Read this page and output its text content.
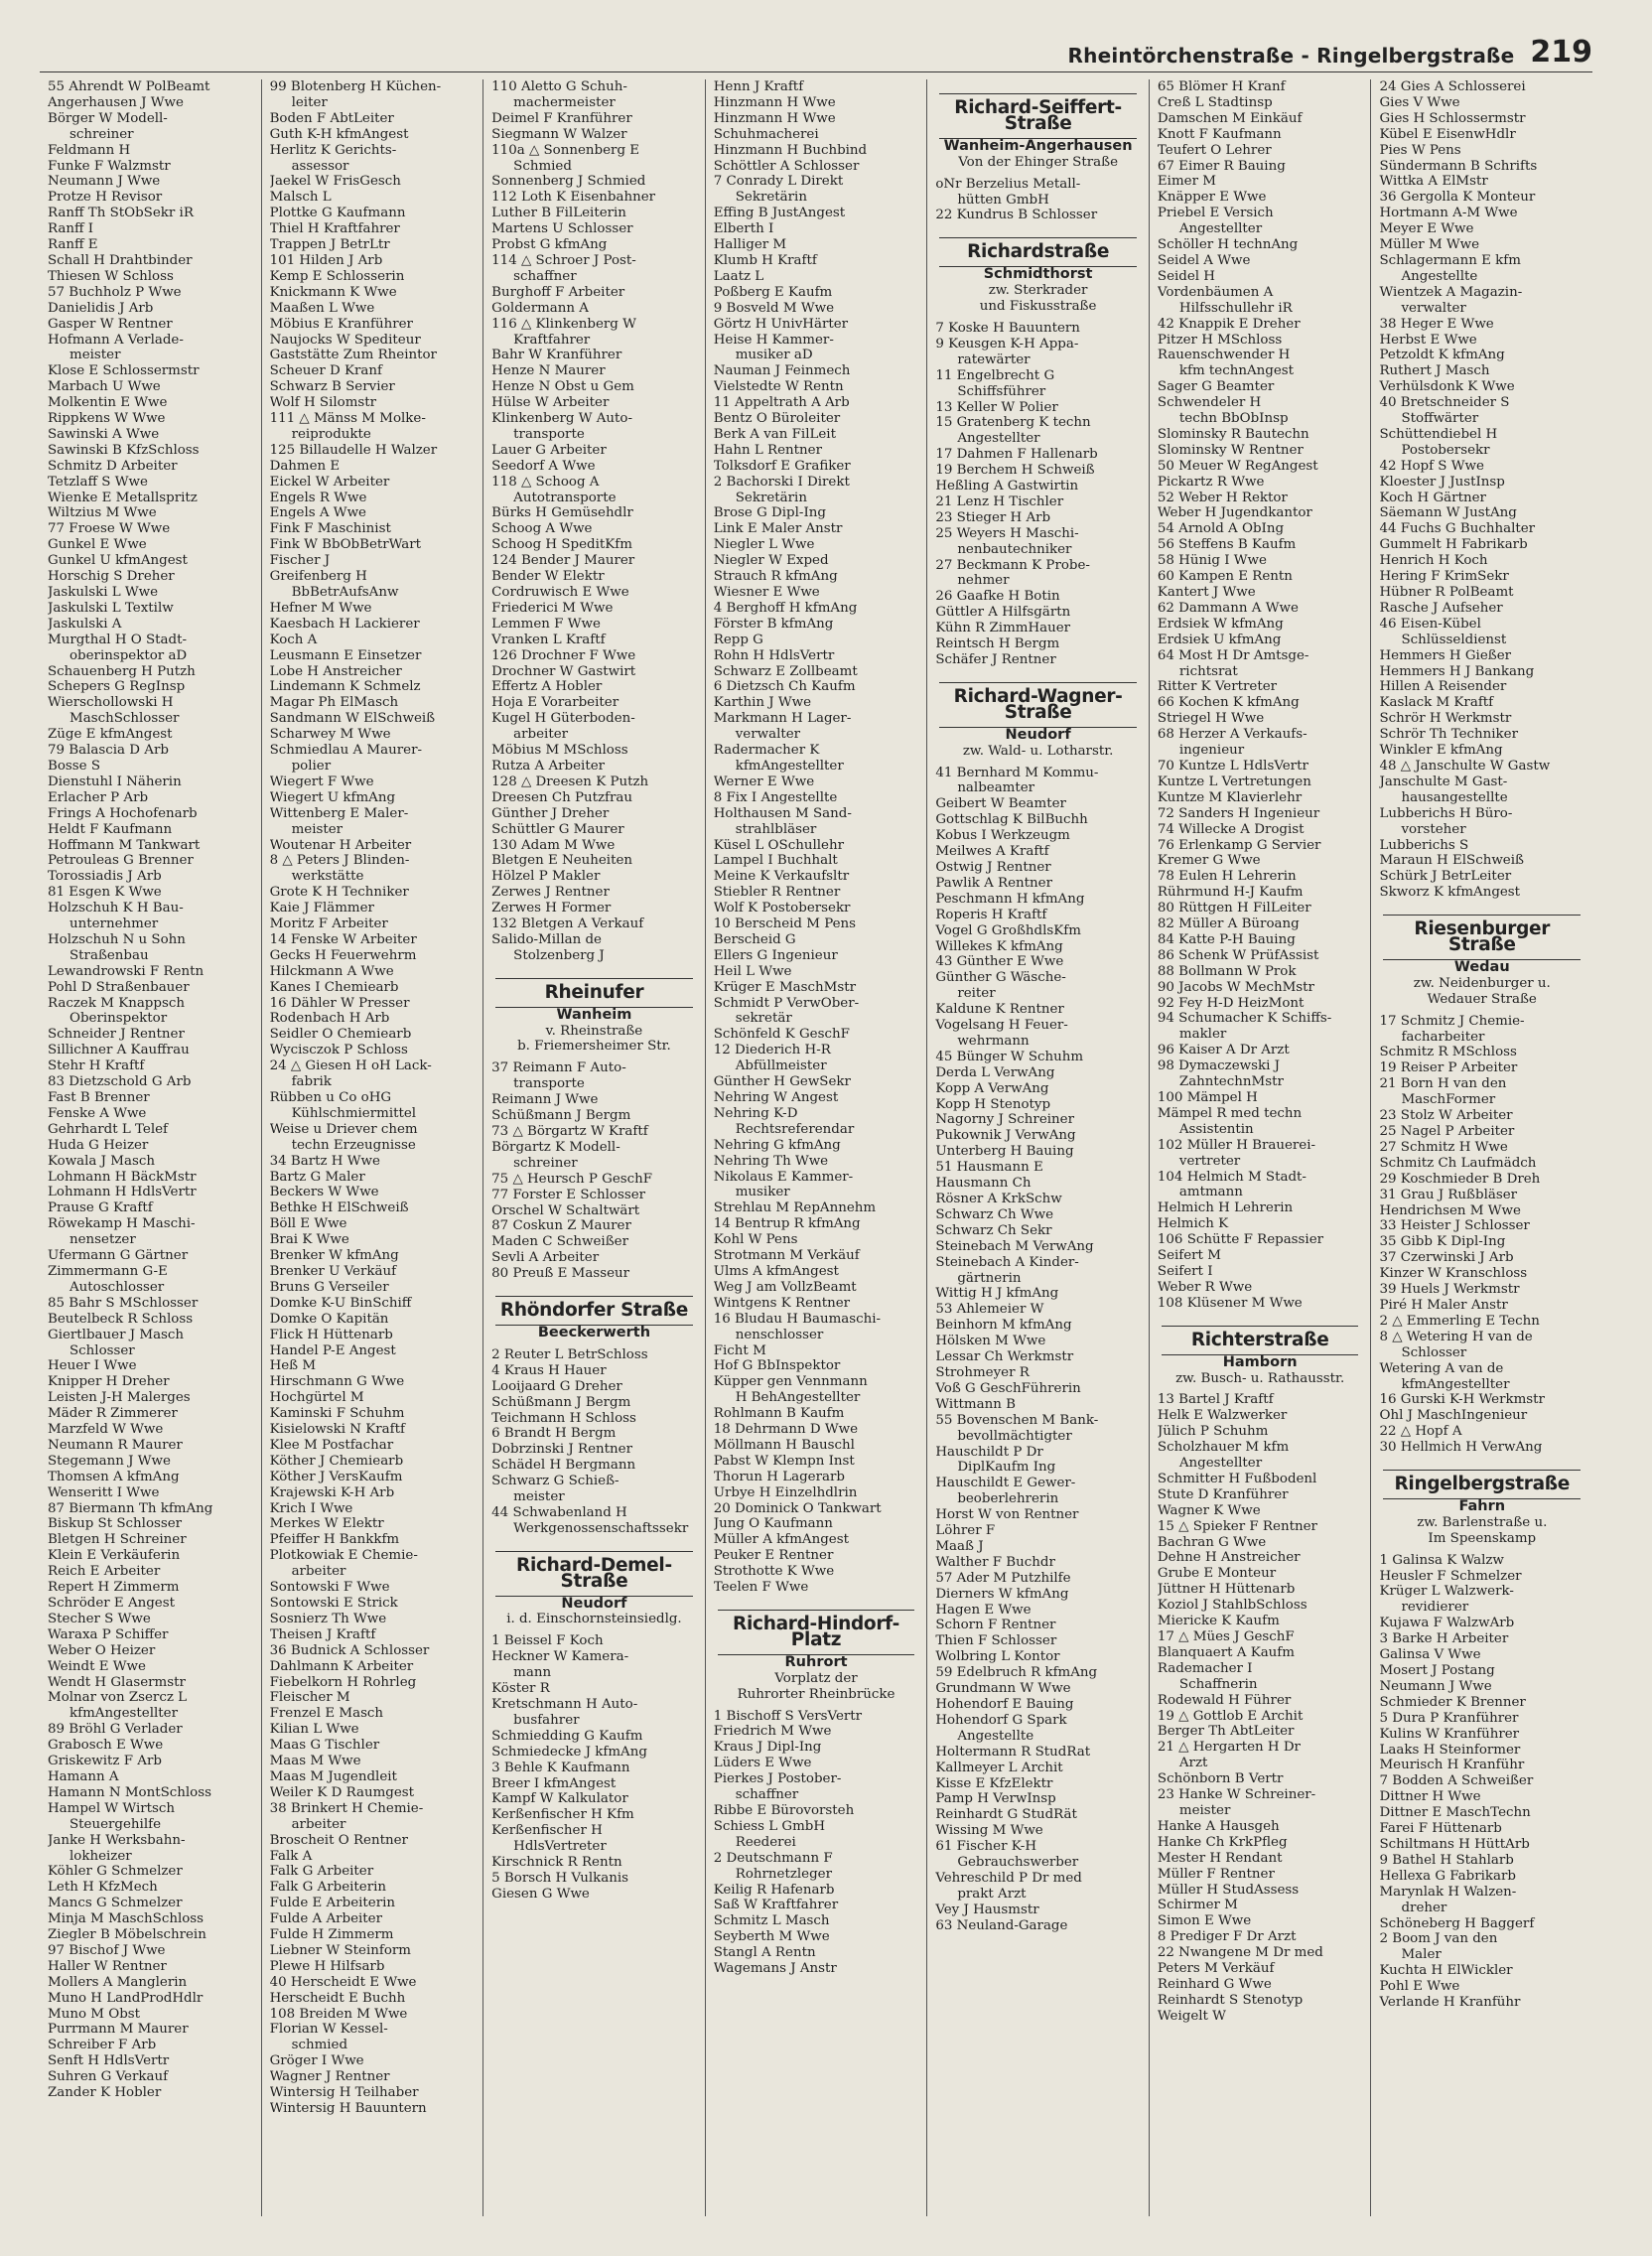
Rheintörchenstraße - Ringelbergstraße 219
55 Ahrendt W PolBeamt
Angerhausen J Wwe
Börger W Modell-
schreiner
Feldmann H
Funke F Walzmstr
Neumann J Wwe
Protze H Revisor
Ranff Th StObSekr iR
Ranff I
Ranff E
Schall H Drahtbinder
Thiesen W Schloss
57 Buchholz P Wwe
Danielidis J Arb
Gasper W Rentner
Hofmann A Verlade-
meister
Klose E Schlossermstr
Marbach U Wwe
Molkentin E Wwe
Rippkens W Wwe
Sawinski A Wwe
Sawinski B KfzSchloss
Schmitz D Arbeiter
Tetzlaff S Wwe
Wienke E Metallspritz
Wiltzius M Wwe
77 Froese W Wwe
Gunkel E Wwe
Gunkel U kfmAngest
Horschig S Dreher
Jaskulski L Wwe
Jaskulski L Textilw
Jaskulski A
Murgthal H O Stadt-
oberinspektor aD
Schauenberg H Putzh
Schepers G RegInsp
Wierschollowski H
MaschSchlosser
Züge E kfmAngest
79 Balascia D Arb
Bosse S
Dienstuhl I Näherin
Erlacher P Arb
Frings A Hochofenarb
Heldt F Kaufmann
Hoffmann M Tankwart
Petrouleas G Brenner
Torossiadis J Arb
81 Esgen K Wwe
Holzschuh K H Bau-
unternehmer
Holzschuh N u Sohn
Straßenbau
Lewandrowski F Rentn
Pohl D Straßenbauer
Raczek M Knappsch
Oberinspektor
Schneider J Rentner
Sillichner A Kauffrau
Stehr H Kraftf
83 Dietzschold G Arb
Fast B Brenner
Fenske A Wwe
Gehrhardt L Telef
Huda G Heizer
Kowala J Masch
Lohmann H BäckMstr
Lohmann H HdlsVertr
Prause G Kraftf
Röwekamp H Maschi-
nensetzer
Ufermann G Gärtner
Zimmermann G-E
Autoschlosser
85 Bahr S MSchlosser
Beutelbeck R Schloss
Giertlbauer J Masch
Schlosser
Heuer I Wwe
Knipper H Dreher
Leisten J-H Malerges
Mäder R Zimmerer
Marzfeld W Wwe
Neumann R Maurer
Stegemann J Wwe
Thomsen A kfmAng
Wenseritt I Wwe
87 Biermann Th kfmAng
Biskup St Schlosser
Bletgen H Schreiner
Klein E Verkäuferin
Reich E Arbeiter
Repert H Zimmerm
Schröder E Angest
Stecher S Wwe
Waraxa P Schiffer
Weber O Heizer
Weindt E Wwe
Wendt H Glasermstr
Molnar von Zsercz L
kfmAngestellter
89 Bröhl G Verlader
Grabosch E Wwe
Griskewitz F Arb
Hamann A
Hamann N MontSchloss
Hampel W Wirtsch
Steuergehilfe
Janke H Werksbahn-
lokheizer
Köhler G Schmelzer
Leth H KfzMech
Mancs G Schmelzer
Minja M MaschSchloss
Ziegler B Möbelschrein
97 Bischof J Wwe
Haller W Rentner
Mollers A Manglerin
Muno H LandProdHdlr
Muno M Obst
Purrmann M Maurer
Schreiber F Arb
Senft H HdlsVertr
Suhren G Verkauf
Zander K Hobler
99 Blotenberg H Küchen-
leiter
Boden F AbtLeiter
Guth K-H kfmAngest
Herlitz K Gerichts-
assessor
Jaekel W FrisGesch
Malsch L
Plottke G Kaufmann
Thiel H Kraftfahrer
Trappen J BetrLtr
101 Hilden J Arb
Kemp E Schlosserin
Knickmann K Wwe
Maaßen L Wwe
Möbius E Kranführer
Naujocks W Spediteur
Gaststätte Zum Rheintor
Scheuer D Kranf
Schwarz B Servier
Wolf H Silomstr
111 △ Mänss M Molke-
reiprodukte
125 Billaudelle H Walzer
Dahmen E
Eickel W Arbeiter
Engels R Wwe
Engels A Wwe
Fink F Maschinist
Fink W BbObBetrWart
Fischer J
Greifenberg H
BbBetrAufsAnw
Hefner M Wwe
Kaesbach H Lackierer
Koch A
Leusmann E Einsetzer
Lobe H Anstreicher
Lindemann K Schmelz
Magar Ph ElMasch
Sandmann W ElSchweiß
Scharwey M Wwe
Schmiedlau A Maurer-
polier
Wiegert F Wwe
Wiegert U kfmAng
Wittenberg E Maler-
meister
Woutenar H Arbeiter
8 △ Peters J Blinden-
werkstätte
Grote K H Techniker
Kaie J Flämmer
Moritz F Arbeiter
14 Fenske W Arbeiter
Gecks H Feuerwehrm
Hilckmann A Wwe
Kanes I Chemiearb
16 Dähler W Presser
Rodenbach H Arb
Seidler O Chemiearb
Wycisczok P Schloss
24 △ Giesen H oH Lack-
fabrik
Rübben u Co oHG
Kühlschmiermittel
Weise u Driever chem
techn Erzeugnisse
34 Bartz H Wwe
Bartz G Maler
Beckers W Wwe
Bethke H ElSchweiß
Böll E Wwe
Brai K Wwe
Brenker W kfmAng
Brenker U Verkäuf
Bruns G Verseiler
Domke K-U BinSchiff
Domke O Kapitän
Flick H Hüttenarb
Handel P-E Angest
Heß M
Hirschmann G Wwe
Hochgürtel M
Kaminski F Schuhm
Kisielowski N Kraftf
Klee M Postfachar
Köther J Chemiearb
Köther J VersKaufm
Krajewski K-H Arb
Krich I Wwe
Merkes W Elektr
Pfeiffer H Bankkfm
Plotkowiak E Chemie-
arbeiter
Sontowski F Wwe
Sontowski E Strick
Sosnierz Th Wwe
Theisen J Kraftf
36 Budnick A Schlosser
Dahlmann K Arbeiter
Fiebelkorn H Rohrleg
Fleischer M
Frenzel E Masch
Kilian L Wwe
Maas G Tischler
Maas M Wwe
Maas M Jugendleit
Weiler K D Raumgest
38 Brinkert H Chemie-
arbeiter
Broscheit O Rentner
Falk A
Falk G Arbeiter
Falk G Arbeiterin
Fulde E Arbeiterin
Fulde A Arbeiter
Fulde H Zimmerm
Liebner W Steinform
Plewe H Hilfsarb
40 Herscheidt E Wwe
Herscheidt E Buchh
108 Breiden M Wwe
Florian W Kessel-
schmied
Gröger I Wwe
Wagner J Rentner
Wintersig H Teilhaber
Wintersig H Bauuntern
110 Aletto G Schuh-
machermeister
Deimel F Kranführer
Siegmann W Walzer
110a △ Sonnenberg E
Schmied
Sonnenberg J Schmied
112 Loth K Eisenbahner
Luther B FilLeiterin
Martens U Schlosser
Probst G kfmAng
114 △ Schroer J Post-
schaffner
Burghoff F Arbeiter
Goldermann A
116 △ Klinkenberg W
Kraftfahrer
Bahr W Kranführer
Henze N Maurer
Henze N Obst u Gem
Hülse W Arbeiter
Klinkenberg W Auto-
transporte
Lauer G Arbeiter
Seedorf A Wwe
118 △ Schoog A
Autotransporte
Bürks H Gemüsehdlr
Schoog A Wwe
Schoog H SpeditKfm
124 Bender J Maurer
Bender W Elektr
Cordruwisch E Wwe
Friederici M Wwe
Lemmen F Wwe
Vranken L Kraftf
126 Drochner F Wwe
Drochner W Gastwirt
Effertz A Hobler
Hoja E Vorarbeiter
Kugel H Güterboden-
arbeiter
Möbius M MSchloss
Rutza A Arbeiter
128 △ Dreesen K Putzh
Dreesen Ch Putzfrau
Günther J Dreher
Schüttler G Maurer
130 Adam M Wwe
Bletgen E Neuheiten
Hölzel P Makler
Zerwes J Rentner
Zerwes H Former
132 Bletgen A Verkauf
Salido-Millan de
Stolzenberg J
Rheinufer
Wanheim
v. Rheinstraße
b. Friemersheimer Str.
37 Reimann F Auto-
transporte
Reimann J Wwe
Schüßmann J Bergm
73 △ Börgartz W Kraftf
Börgartz K Modell-
schreiner
75 △ Heursch P GeschF
77 Forster E Schlosser
Orschel W Schaltwärt
87 Coskun Z Maurer
Maden C Schweißer
Sevli A Arbeiter
80 Preuß E Masseur
Rhöndorfer Straße
Beeckerwerth
2 Reuter L BetrSchloss
4 Kraus H Hauer
Looijaard G Dreher
Schüßmann J Bergm
Teichmann H Schloss
6 Brandt H Bergm
Dobrzinski J Rentner
Schädel H Bergmann
Schwarz G Schieß-
meister
44 Schwabenland H
Werkgenossenschaftssekr
Richard-Demel-Straße
Neudorf
i. d. Einschornsteinsiedlg.
1 Beissel F Koch
Heckner W Kamera-
mann
Köster R
Kretschmann H Auto-
busfahrer
Schmiedding G Kaufm
Schmiedecke J kfmAng
3 Behle K Kaufmann
Breer I kfmAngest
Kampf W Kalkulator
Kerßenfischer H Kfm
Kerßenfischer H
HdlsVertreter
Kirschnick R Rentn
5 Borsch H Vulkanis
Giesen G Wwe
Henn J Kraftf
Hinzmann H Wwe
Hinzmann H Wwe
Schuhmacherei
Hinzmann H Buchbind
Schöttler A Schlosser
7 Conrady L Direkt
Sekretärin
Effing B JustAngest
Elberth I
Halliger M
Klumb H Kraftf
Laatz L
Poßberg E Kaufm
9 Bosveld M Wwe
Görtz H UnivHärter
Heise H Kammer-
musiker aD
Nauman J Feinmech
Vielstedte W Rentn
11 Appeltrath A Arb
Bentz O Büroleiter
Berk A van FilLeit
Hahn L Rentner
Tolksdorf E Grafiker
2 Bachorski I Direkt
Sekretärin
Brose G Dipl-Ing
Link E Maler Anstr
Niegler L Wwe
Niegler W Exped
Strauch R kfmAng
Wiesner E Wwe
4 Berghoff H kfmAng
Förster B kfmAng
Repp G
Rohn H HdlsVertr
Schwarz E Zollbeamt
6 Dietzsch Ch Kaufm
Karthin J Wwe
Markmann H Lager-
verwalter
Radermacher K
kfmAngestellter
Werner E Wwe
8 Fix I Angestellte
Holthausen M Sand-
strahlbläser
Küsel L OSchullehr
Lampel I Buchhalt
Meine K Verkaufsltr
Stiebler R Rentner
Wolf K Postobersekr
10 Berscheid M Pens
Berscheid G
Ellers G Ingenieur
Heil L Wwe
Krüger E MaschMstr
Schmidt P VerwOber-
sekretär
Schönfeld K GeschF
12 Diederich H-R
Abfüllmeister
Günther H GewSekr
Nehring W Angest
Nehring K-D
Rechtsreferendar
Nehring G kfmAng
Nehring Th Wwe
Nikolaus E Kammer-
musiker
Strehlau M RepAnnehm
14 Bentrup R kfmAng
Kohl W Pens
Strotmann M Verkäuf
Ulms A kfmAngest
Weg J am VollzBeamt
Wintgens K Rentner
16 Bludau H Baumaschi-
nenschlosser
Ficht M
Hof G BbInspektor
Küpper gen Vennmann
H BehAngestellter
Rohlmann B Kaufm
18 Dehrmann D Wwe
Möllmann H Bauschl
Pabst W Klempn Inst
Thorun H Lagerarb
Urbye H Einzelhdlrin
20 Dominick O Tankwart
Jung O Kaufmann
Müller A kfmAngest
Peuker E Rentner
Strothotte K Wwe
Teelen F Wwe
Richard-Hindorf-Platz
Ruhrort
Vorplatz der
Ruhrorter Rheinbrücke
1 Bischoff S VersVertr
Friedrich M Wwe
Kraus J Dipl-Ing
Lüders E Wwe
Pierkes J Postober-
schaffner
Ribbe E Bürovorsteh
Schiess L GmbH
Reederei
2 Deutschmann F
Rohrnetzleger
Keilig R Hafenarb
Saß W Kraftfahrer
Schmitz L Masch
Seyberth M Wwe
Stangl A Rentn
Wagemans J Anstr
Richard-Seiffert-Straße
Wanheim-Angerhausen
Von der Ehinger Straße
oNr Berzelius Metall-
hütten GmbH
22 Kundrus B Schlosser
Richardstraße
Schmidthorst
zw. Sterkrader
und Fiskusstraße
7 Koske H Bauuntern
9 Keusgen K-H Appa-
ratewärter
11 Engelbrecht G
Schiffsführer
13 Keller W Polier
15 Gratenberg K techn
Angestellter
17 Dahmen F Hallenarb
19 Berchem H Schweiß
Heßling A Gastwirtin
21 Lenz H Tischler
23 Stieger H Arb
25 Weyers H Maschi-
nenbautechniker
27 Beckmann K Probe-
nehmer
26 Gaafke H Botin
Güttler A Hilfsgärtn
Kühn R ZimmHauer
Reintsch H Bergm
Schäfer J Rentner
Richard-Wagner-Straße
Neudorf
zw. Wald- u. Lotharstr.
41 Bernhard M Kommu-
nalbeamter
Geibert W Beamter
Gottschlag K BilBuchh
Kobus I Werkzeugm
Meilwes A Kraftf
Ostwig J Rentner
Pawlik A Rentner
Peschmann H kfmAng
Roperis H Kraftf
Vogel G GroßhdlsKfm
Willekes K kfmAng
43 Günther E Wwe
Günther G Wäsche-
reiter
Kaldune K Rentner
Vogelsang H Feuer-
wehrmann
45 Bünger W Schuhm
Derda L VerwAng
Kopp A VerwAng
Kopp H Stenotyp
Nagorny J Schreiner
Pukownik J VerwAng
Unterberg H Bauing
51 Hausmann E
Hausmann Ch
Rösner A KrkSchw
Schwarz Ch Wwe
Schwarz Ch Sekr
Steinebach M VerwAng
Steinebach A Kinder-
gärtnerin
Wittig H J kfmAng
53 Ahlemeier W
Beinhorn M kfmAng
Hölsken M Wwe
Lessar Ch Werkmstr
Strohmeyer R
Voß G GeschFührerin
Wittmann B
55 Bovenschen M Bank-
bevollmächtigter
Hauschildt P Dr
DiplKaufm Ing
Hauschildt E Gewer-
beoberlehrerin
Horst W von Rentner
Löhrer F
Maaß J
Walther F Buchdr
57 Ader M Putzhilfe
Dierners W kfmAng
Hagen E Wwe
Schorn F Rentner
Thien F Schlosser
Wolbring L Kontor
59 Edelbruch R kfmAng
Grundmann W Wwe
Hohendorf E Bauing
Hohendorf G Spark
Angestellte
Holtermann R StudRat
Kallmeyer L Archit
Kisse E KfzElektr
Pamp H VerwInsp
Reinhardt G StudRät
Wissing M Wwe
61 Fischer K-H
Gebrauchswerber
Vehreschild P Dr med
prakt Arzt
Vey J Hausmstr
63 Neuland-Garage
65 Blömer H Kranf
Creß L Stadtinsp
Damschen M Einkäuf
Knott F Kaufmann
Teufert O Lehrer
67 Eimer R Bauing
Eimer M
Knäpper E Wwe
Priebel E Versich
Angestellter
Schöller H technAng
Seidel A Wwe
Seidel H
Vordenbäumen A
Hilfsschullehr iR
42 Knappik E Dreher
Pitzer H MSchloss
Rauenschwender H
kfm technAngest
Sager G Beamter
Schwendeler H
techn BbObInsp
Slominsky R Bautechn
Slominsky W Rentner
50 Meuer W RegAngest
Pickartz R Wwe
52 Weber H Rektor
Weber H Jugendkantor
54 Arnold A ObIng
56 Steffens B Kaufm
58 Hünig I Wwe
60 Kampen E Rentn
Kantert J Wwe
62 Dammann A Wwe
Erdsiek W kfmAng
Erdsiek U kfmAng
64 Most H Dr Amtsge-
richtsrat
Ritter K Vertreter
66 Kochen K kfmAng
Striegel H Wwe
68 Herzer A Verkaufs-
ingenieur
70 Kuntze L HdlsVertr
Kuntze L Vertretungen
Kuntze M Klavierlehr
72 Sanders H Ingenieur
74 Willecke A Drogist
76 Erlenkamp G Servier
Kremer G Wwe
78 Eulen H Lehrerin
Rührmund H-J Kaufm
80 Rüttgen H FilLeiter
82 Müller A Büroang
84 Katte P-H Bauing
86 Schenk W PrüfAssist
88 Bollmann W Prok
90 Jacobs W MechMstr
92 Fey H-D HeizMont
94 Schumacher K Schiffs-
makler
96 Kaiser A Dr Arzt
98 Dymaczewski J
ZahntechnMstr
100 Mämpel H
Mämpel R med techn
Assistentin
102 Müller H Brauerei-
vertreter
104 Helmich M Stadt-
amtmann
Helmich H Lehrerin
Helmich K
106 Schütte F Repassier
Seifert M
Seifert I
Weber R Wwe
108 Klüsener M Wwe
Richterstraße
Hamborn
zw. Busch- u. Rathausstr.
13 Bartel J Kraftf
Helk E Walzwerker
Jülich P Schuhm
Scholzhauer M kfm
Angestellter
Schmitter H Fußbodenl
Stute D Kranführer
Wagner K Wwe
15 △ Spieker F Rentner
Bachran G Wwe
Dehne H Anstreicher
Grube E Monteur
Jüttner H Hüttenarb
Koziol J StahlbSchloss
Miericke K Kaufm
17 △ Mües J GeschF
Blanquaert A Kaufm
Rademacher I
Schaffnerin
Rodewald H Führer
19 △ Gottlob E Archit
Berger Th AbtLeiter
21 △ Hergarten H Dr
Arzt
Schönborn B Vertr
23 Hanke W Schreiner-
meister
Hanke A Hausgeh
Hanke Ch KrkPfleg
Mester H Rendant
Müller F Rentner
Müller H StudAssess
Schirmer M
Simon E Wwe
8 Prediger F Dr Arzt
22 Nwangene M Dr med
Peters M Verkäuf
Reinhard G Wwe
Reinhardt S Stenotyp
Weigelt W
24 Gies A Schlosserei
Gies V Wwe
Gies H Schlossermstr
Kübel E EisenwHdlr
Pies W Pens
Sündermann B Schrifts
Wittka A ElMstr
36 Gergolla K Monteur
Hortmann A-M Wwe
Meyer E Wwe
Müller M Wwe
Schlagermann E kfm
Angestellte
Wientzek A Magazin-
verwalter
38 Heger E Wwe
Herbst E Wwe
Petzoldt K kfmAng
Ruthert J Masch
Verhülsdonk K Wwe
40 Bretschneider S
Stoffwärter
Schüttendiebel H
Postobersekr
42 Hopf S Wwe
Kloester J JustInsp
Koch H Gärtner
Säemann W JustAng
44 Fuchs G Buchhalter
Gummelt H Fabrikarb
Henrich H Koch
Hering F KrimSekr
Hübner R PolBeamt
Rasche J Aufseher
46 Eisen-Kübel
Schlüsseldienst
Hemmers H Gießer
Hemmers H J Bankang
Hillen A Reisender
Kaslack M Kraftf
Schrör H Werkmstr
Schrör Th Techniker
Winkler E kfmAng
48 △ Janschulte W Gastw
Janschulte M Gast-
hausangestellte
Lubberichs H Büro-
vorsteher
Lubberichs S
Maraun H ElSchweiß
Schürk J BetrLeiter
Skworz K kfmAngest
Riesenburger Straße
Wedau
zw. Neidenburger u.
Wedauer Straße
17 Schmitz J Chemie-
facharbeiter
Schmitz R MSchloss
19 Reiser P Arbeiter
21 Born H van den
MaschFormer
23 Stolz W Arbeiter
25 Nagel P Arbeiter
27 Schmitz H Wwe
Schmitz Ch Laufmädch
29 Koschmieder B Dreh
31 Grau J Rußbläser
Hendrichsen M Wwe
33 Heister J Schlosser
35 Gibb K Dipl-Ing
37 Czerwinski J Arb
Kinzer W Kranschloss
39 Huels J Werkmstr
Piré H Maler Anstr
2 △ Emmerling E Techn
8 △ Wetering H van de
Schlosser
Wetering A van de
kfmAngestellter
16 Gurski K-H Werkmstr
Ohl J MaschIngenieur
22 △ Hopf A
30 Hellmich H VerwAng
Ringelbergstraße
Fahrn
zw. Barlenstraße u.
Im Speenskamp
1 Galinsa K Walzw
Heusler F Schmelzer
Krüger L Walzwerk-
revidierer
Kujawa F WalzwArb
3 Barke H Arbeiter
Galinsa V Wwe
Mosert J Postang
Neumann J Wwe
Schmieder K Brenner
5 Dura P Kranführer
Kulins W Kranführer
Laaks H Steinformer
Meurisch H Kranführ
7 Bodden A Schweißer
Dittner H Wwe
Dittner E MaschTechn
Farei F Hüttenarb
Schiltmans H HüttArb
9 Bathel H Stahlarb
Hellexa G Fabrikarb
Marynlak H Walzen-
dreher
Schöneberg H Baggerf
2 Boom J van den
Maler
Kuchta H ElWickler
Pohl E Wwe
Verlande H Kranführ
